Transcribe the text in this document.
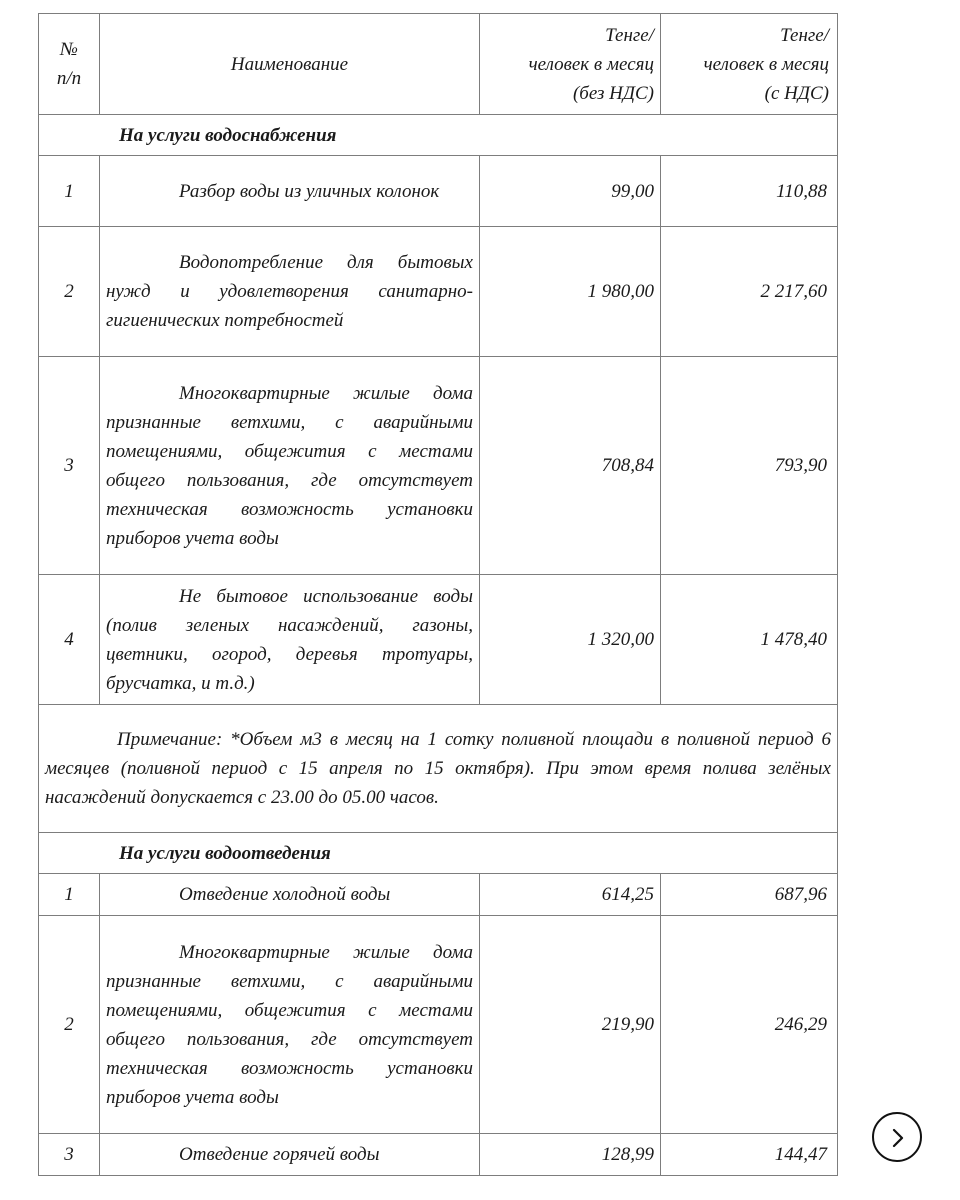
№
п/п	Наименование	Тенге/
человек в месяц
(без НДС)	Тенге/
человек в месяц
(с НДС)
На услуги водоснабжения			
1	Разбор воды из уличных колонок	99,00	110,88
2	Водопотребление для бытовых нужд и удовлетворения санитарно-гигиенических потребностей	1 980,00	2 217,60
3	Многоквартирные жилые дома признанные ветхими, с аварийными помещениями, общежития с местами общего пользования, где отсутствует техническая возможность установки приборов учета воды	708,84	793,90
4	Не бытовое использование воды (полив зеленых насаждений, газоны, цветники, огород, деревья тротуары, брусчатка, и т.д.)	1 320,00	1 478,40

Примечание: *Объем м3 в месяц на 1 сотку поливной площади в поливной период 6 месяцев (поливной период с 15 апреля по 15 октября). При этом время полива зелёных насаждений допускается с 23.00 до 05.00 часов.			

На услуги водоотведения			
1	Отведение холодной воды	614,25	687,96
2	Многоквартирные жилые дома признанные ветхими, с аварийными помещениями, общежития с местами общего пользования, где отсутствует техническая возможность установки приборов учета воды	219,90	246,29
3	Отведение горячей воды	128,99	144,47
